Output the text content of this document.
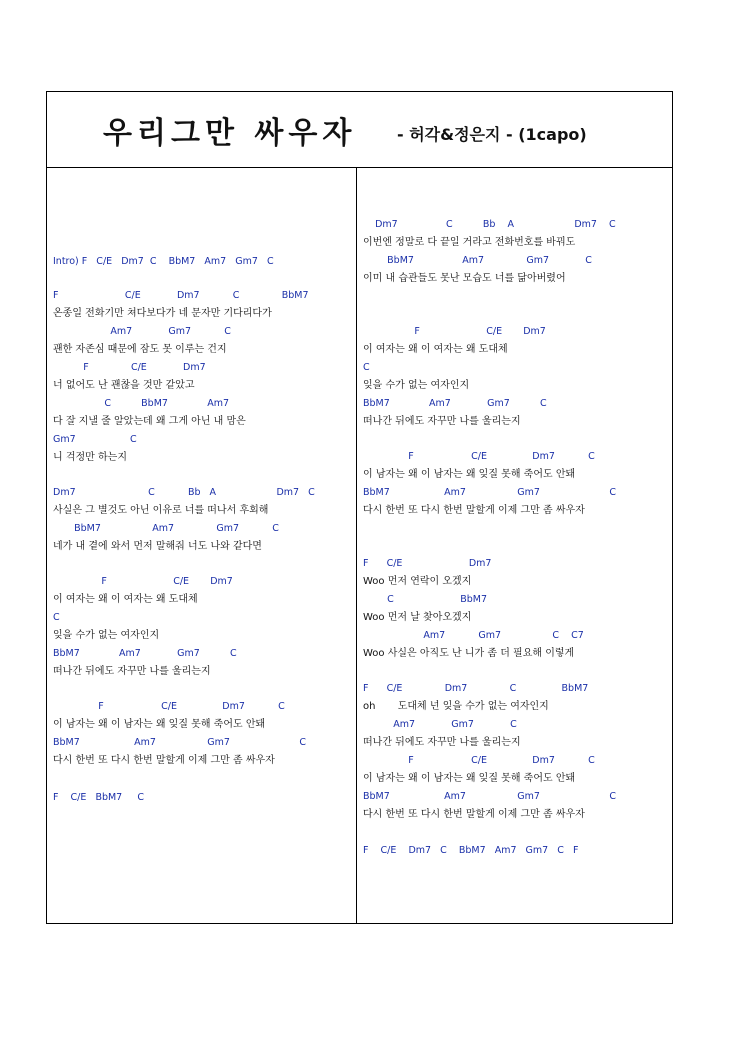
우리그만 싸우자	- 허각&정은지 - (1capo)
Intro) F   C/E   Dm7  C    BbM7   Am7   Gm7   C
F                      C/E            Dm7           C              BbM7
온종일 전화기만 쳐다보다가 네 문자만 기다리다가
Am7            Gm7           C
괜한 자존심 때문에 잠도 못 이루는 건지
F              C/E            Dm7
너 없어도 난 괜찮을 것만 같았고
C          BbM7             Am7
다 잘 지낼 줄 알았는데 왜 그게 아닌 내 맘은
Gm7                  C
니 걱정만 하는지
Dm7                        C           Bb   A                    Dm7   C
사실은 그 별것도 아닌 이유로 너를 떠나서 후회해
BbM7                 Am7              Gm7           C
네가 내 곁에 와서 먼저 말해줘 너도 나와 같다면
F                      C/E       Dm7
이 여자는 왜 이 여자는 왜 도대체
C
잊을 수가 없는 여자인지
BbM7             Am7            Gm7          C
떠나간 뒤에도 자꾸만 나를 울리는지
F                   C/E               Dm7           C
이 남자는 왜 이 남자는 왜 잊질 못해 죽어도 안돼
BbM7                  Am7                 Gm7                       C
다시 한번 또 다시 한번 말할게 이제 그만 좀 싸우자
F    C/E   BbM7     C
Dm7                C          Bb    A                    Dm7    C
이번엔 정말로 다 끝일 거라고 전화번호를 바꿔도
BbM7                Am7              Gm7            C
이미 내 습관들도 못난 모습도 너를 닮아버렸어
F                      C/E       Dm7
이 여자는 왜 이 여자는 왜 도대체
C
잊을 수가 없는 여자인지
BbM7             Am7            Gm7          C
떠나간 뒤에도 자꾸만 나를 울리는지
F                   C/E               Dm7           C
이 남자는 왜 이 남자는 왜 잊질 못해 죽어도 안돼
BbM7                  Am7                 Gm7                       C
다시 한번 또 다시 한번 말할게 이제 그만 좀 싸우자
F      C/E                      Dm7
Woo 먼저 연락이 오겠지
C                      BbM7
Woo 먼저 날 찾아오겠지
Am7           Gm7                 C    C7
Woo 사실은 아직도 난 니가 좀 더 필요해 이렇게
F      C/E              Dm7              C               BbM7
oh       도대체 넌 잊을 수가 없는 여자인지
Am7            Gm7            C
떠나간 뒤에도 자꾸만 나를 울리는지
F                   C/E               Dm7           C
이 남자는 왜 이 남자는 왜 잊질 못해 죽어도 안돼
BbM7                  Am7                 Gm7                       C
다시 한번 또 다시 한번 말할게 이제 그만 좀 싸우자
F    C/E    Dm7   C    BbM7   Am7   Gm7   C   F
